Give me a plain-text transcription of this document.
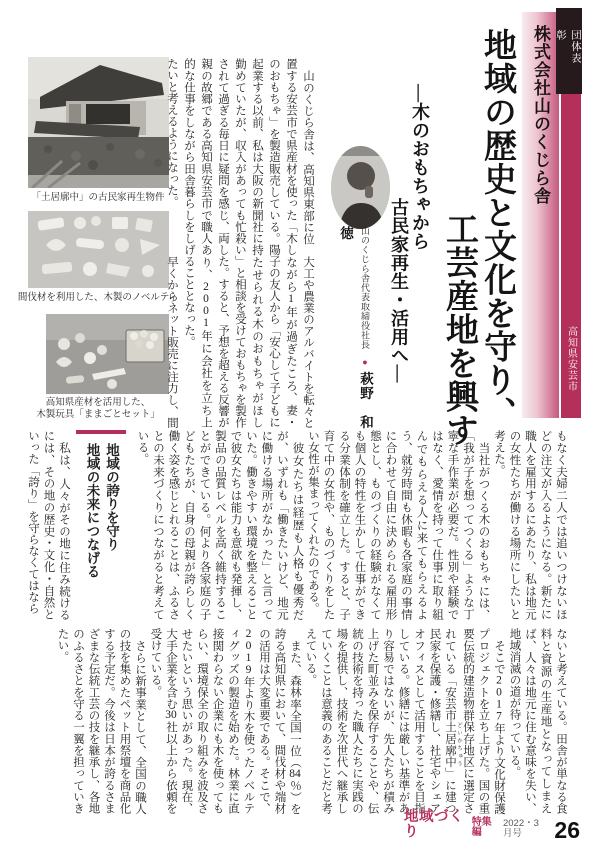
「土居廓中」の古民家再生物件
間伐材を利用した、木製のノベルティ
高知県産材を活用した、
木製玩具「ままごとセット」

山のくじら舎は、高知県東部に位置する安芸市で県産材を使った「木のおもちゃ」を製造販売している。起業する以前、私は大阪の新聞社に勤めていたが、収入があっても忙殺されて過ぎる毎日に疑問を感じ、両親の故郷である高知県安芸市で職人的な仕事をしながら田舎暮らしをしたいと考えるようになった。

大工や農業のアルバイトを転々としながら1年が過ぎたころ、妻・陽子の友人から「安心して子どもに持たせられる木のおもちゃがほしい」と相談を受けておもちゃを製作した。すると、予想を超える反響があり、2001年に会社を立ち上げることとなった。

早くからネット販売に注力し、間	山のくじら舎代表取締役社長●萩野　和徳	地域の歴史と文化を守り、
工芸産地を興す
―木のおもちゃから
古民家再生・活用へ―
株式会社山のくじら舎
高知県安芸市
団体表彰

もなく夫婦二人では追いつけないほどの注文が入るようになる。新たに職人を雇用するにあたり、私は地元の女性たちが働ける場所にしたいと考えた。

当社がつくる木のおもちゃには、「我が子を想ってつくる」ような丁寧な手作業が必要だ。性別や経験ではなく、愛情を持って仕事に取り組んでもらえる人に来てもらえるよう、就労時間も休暇も各家庭の事情に合わせて自由に決められる雇用形態とし、ものづくりの経験がなくても個人の特性を生かして仕事ができる分業体制を確立した。すると、子育て中の女性や、ものづくりをしたい女性が集まってくれたのである。

彼女たちは経歴も人格も優秀だが、いずれも「働きたいけど、地元に働ける場所がなかった」と言っていた。働きやすい環境を整えることで彼女たちは能力も意欲も発揮し、製品の品質レベルを高く維持することができている。何より各家庭の子どもたちが、自身の母親が誇らしく働く姿を感じとれることは、ふるさとの未来づくりにつながると考えている。

地域の誇りを守り

地域の未来につなげる

私は、人々がその地に住み続けるには、その地の歴史・文化・自然といった「誇り」を守らなくてはなら

ないと考えている。田舎が単なる食料と資源の生産地となってしまえば、人々は地元に住む意味を失い、地域消滅の道が待っている。

そこで2017年より文化財保護プロジェクトを立ち上げた。国の重要伝統的建造物群保存地区に選定されている「安芸市土居廓中 どいかちゅう」に建つ民家を保護・修繕し、社宅やシェアオフィスとして活用することを目指している。修繕には厳しい基準があり容易ではないが、先人たちが積み上げた町並みを保存することや、伝統の技術を持った職人たちに実践の場を提供し、技術を次世代へ継承していくことは意義のあることだと考えている。

また、森林率全国一位（84％）を誇る高知県において、間伐材や端材の活用は大変重要である。そこで、2019年より木を使ったノベルティグッズの製造を始めた。林業に直接関わらない企業にも木を使ってもらい、環境保全の取り組みを波及させたいという思いがあった。現在、大手企業を含む30社以上から依頼を受けている。

さらに新事業として、全国の職人の技を集めたペット用祭壇を商品化する予定だ。今後は日本が誇るさまざまな伝統工芸の技を継承し、各地のふるさとを守る一翼を担っていきたい。

地域づくり
特集編
2022・3月号	26
